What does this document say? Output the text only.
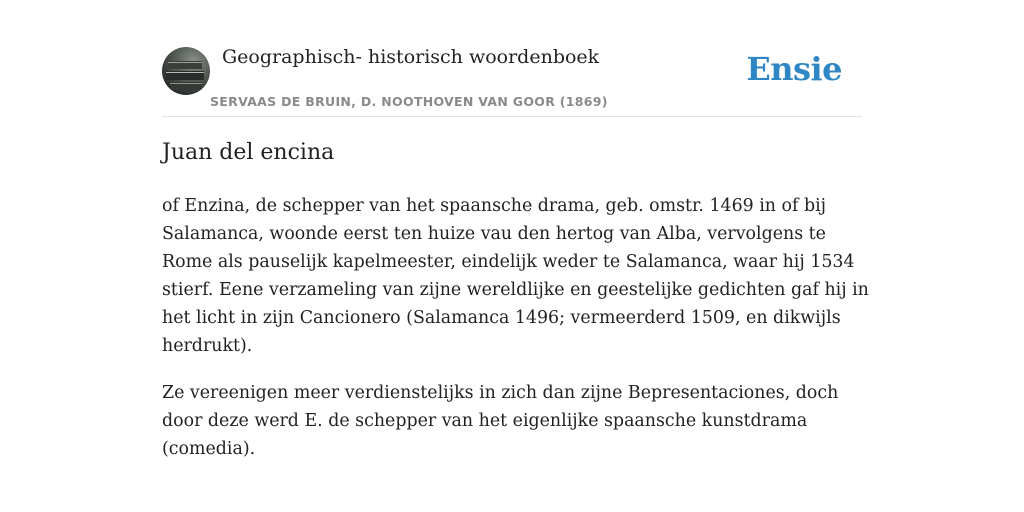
Geographisch- historisch woordenboek
SERVAAS DE BRUIN, D. NOOTHOVEN VAN GOOR (1869)
Ensie
Juan del encina

of Enzina, de schepper van het spaansche drama, geb. omstr. 1469 in of bij Salamanca, woonde eerst ten huize vau den hertog van Alba, vervolgens te Rome als pauselijk kapelmeester, eindelijk weder te Salamanca, waar hij 1534 stierf. Eene verzameling van zijne wereldlijke en geestelijke gedichten gaf hij in het licht in zijn Cancionero (Salamanca 1496; vermeerderd 1509, en dikwijls herdrukt).

Ze vereenigen meer verdienstelijks in zich dan zijne Bepresentaciones, doch door deze werd E. de schepper van het eigenlijke spaansche kunstdrama (comedia).
